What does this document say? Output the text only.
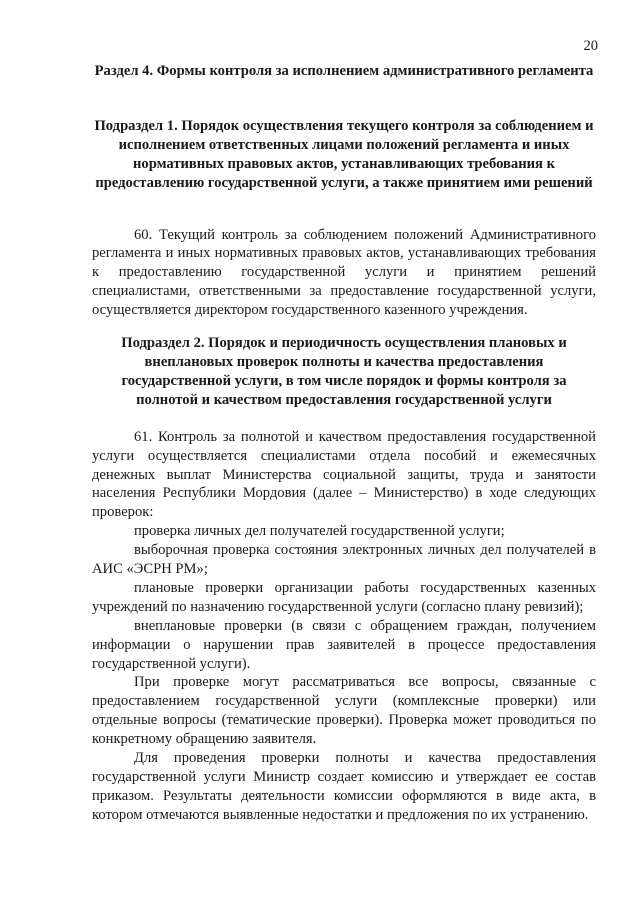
20

Раздел 4. Формы контроля за исполнением административного регламента

Подраздел 1. Порядок осуществления текущего контроля за соблюдением и исполнением ответственных лицами положений регламента и иных нормативных правовых актов, устанавливающих требования к предоставлению государственной услуги, а также принятием ими решений

60. Текущий контроль за соблюдением положений Административного регламента и иных нормативных правовых актов, устанавливающих требования к предоставлению государственной услуги и принятием решений специалистами, ответственными за предоставление государственной услуги, осуществляется директором государственного казенного учреждения.

Подраздел 2. Порядок и периодичность осуществления плановых и внеплановых проверок полноты и качества предоставления государственной услуги, в том числе порядок и формы контроля за полнотой и качеством предоставления государственной услуги

61. Контроль за полнотой и качеством предоставления государственной услуги осуществляется специалистами отдела пособий и ежемесячных денежных выплат Министерства социальной защиты, труда и занятости населения Республики Мордовия (далее – Министерство) в ходе следующих проверок:

проверка личных дел получателей государственной услуги;

выборочная проверка состояния электронных личных дел получателей в АИС «ЭСРН РМ»;

плановые проверки организации работы государственных казенных учреждений по назначению государственной услуги (согласно плану ревизий);

внеплановые проверки (в связи с обращением граждан, получением информации о нарушении прав заявителей в процессе предоставления государственной услуги).

При проверке могут рассматриваться все вопросы, связанные с предоставлением государственной услуги (комплексные проверки) или отдельные вопросы (тематические проверки). Проверка может проводиться по конкретному обращению заявителя.

Для проведения проверки полноты и качества предоставления государственной услуги Министр создает комиссию и утверждает ее состав приказом. Результаты деятельности комиссии оформляются в виде акта, в котором отмечаются выявленные недостатки и предложения по их устранению.
